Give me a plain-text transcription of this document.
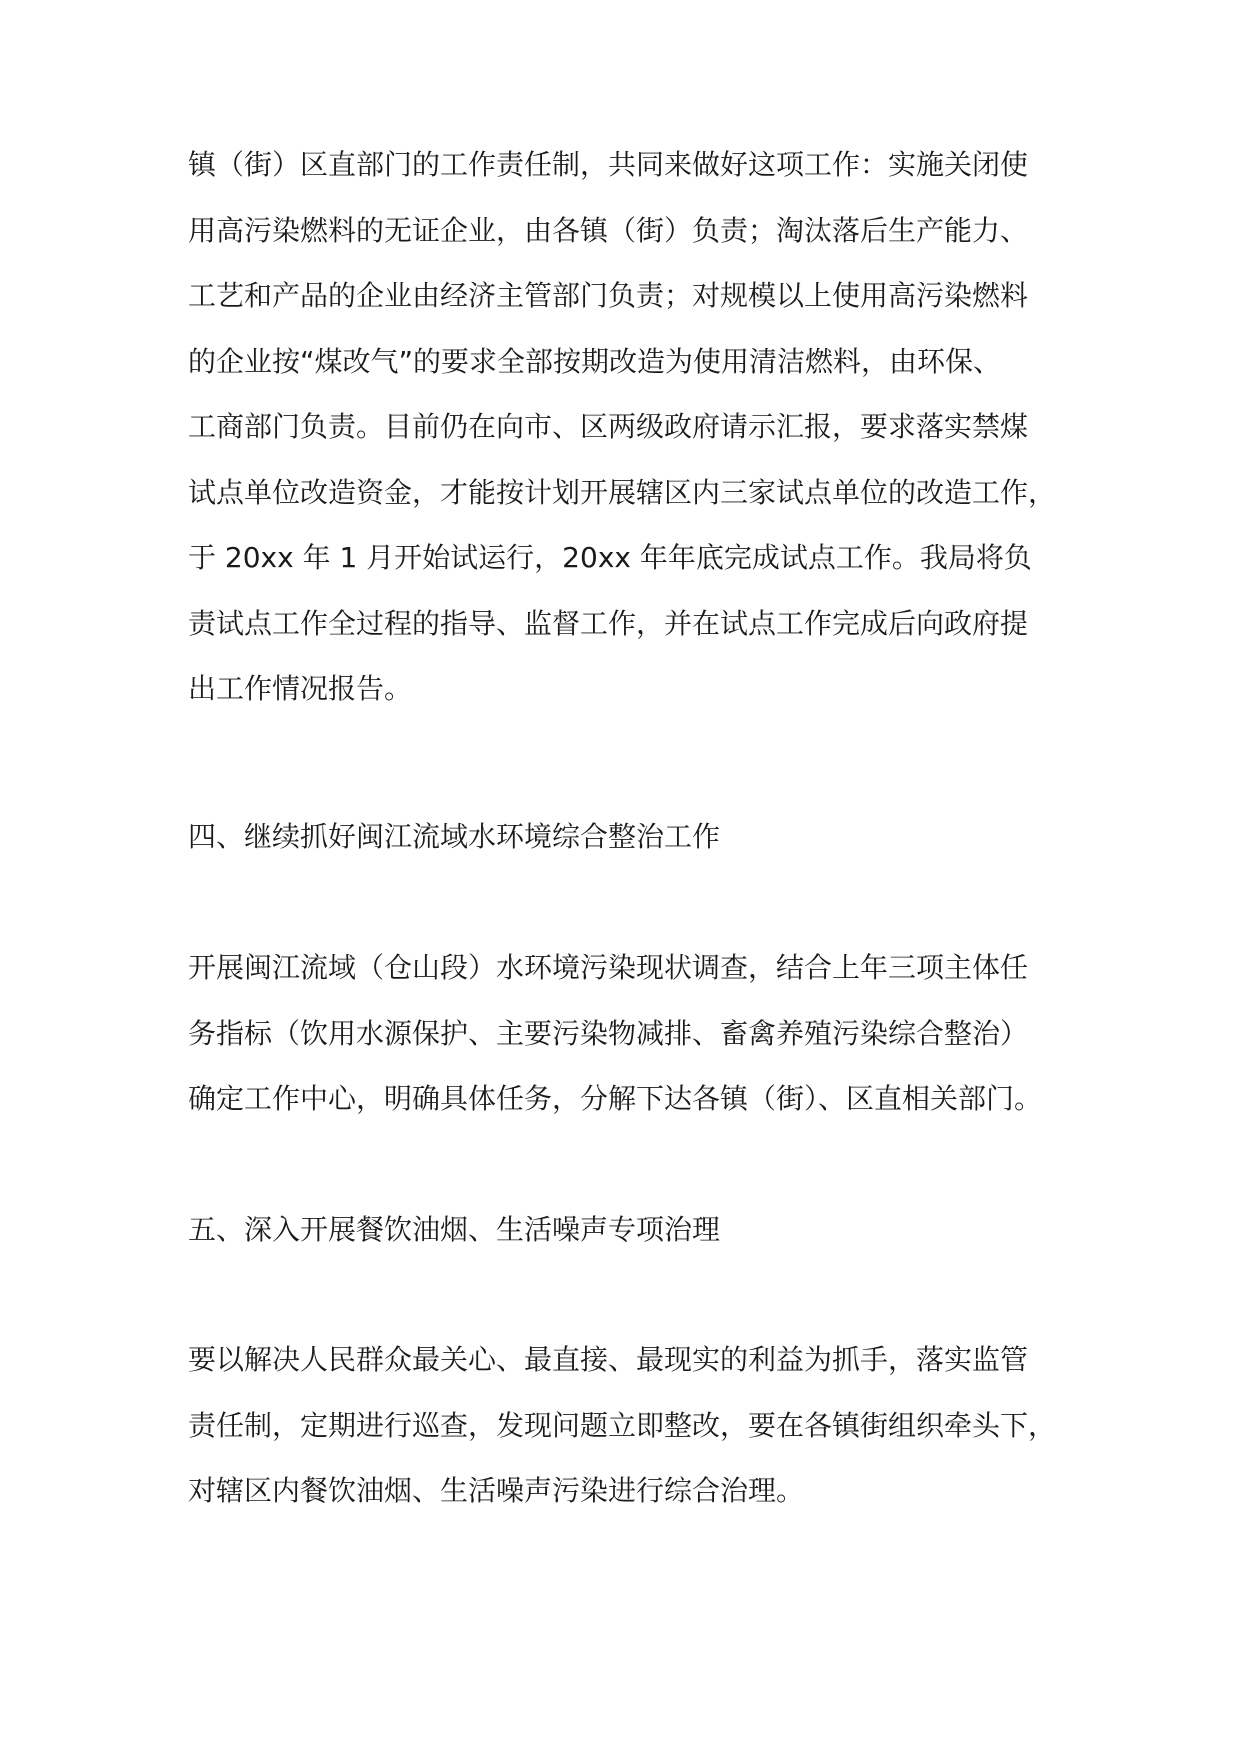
镇（街）区直部门的工作责任制，共同来做好这项工作：实施关闭使
用高污染燃料的无证企业，由各镇（街）负责；淘汰落后生产能力、
工艺和产品的企业由经济主管部门负责；对规模以上使用高污染燃料
的企业按“煤改气”的要求全部按期改造为使用清洁燃料，由环保、
工商部门负责。目前仍在向市、区两级政府请示汇报，要求落实禁煤
试点单位改造资金，才能按计划开展辖区内三家试点单位的改造工作，
于 20xx 年 1 月开始试运行，20xx 年年底完成试点工作。我局将负
责试点工作全过程的指导、监督工作，并在试点工作完成后向政府提
出工作情况报告。
四、继续抓好闽江流域水环境综合整治工作
开展闽江流域（仓山段）水环境污染现状调查，结合上年三项主体任
务指标（饮用水源保护、主要污染物减排、畜禽养殖污染综合整治）
确定工作中心，明确具体任务，分解下达各镇（街）、区直相关部门。
五、深入开展餐饮油烟、生活噪声专项治理
要以解决人民群众最关心、最直接、最现实的利益为抓手，落实监管
责任制，定期进行巡查，发现问题立即整改，要在各镇街组织牵头下，
对辖区内餐饮油烟、生活噪声污染进行综合治理。
